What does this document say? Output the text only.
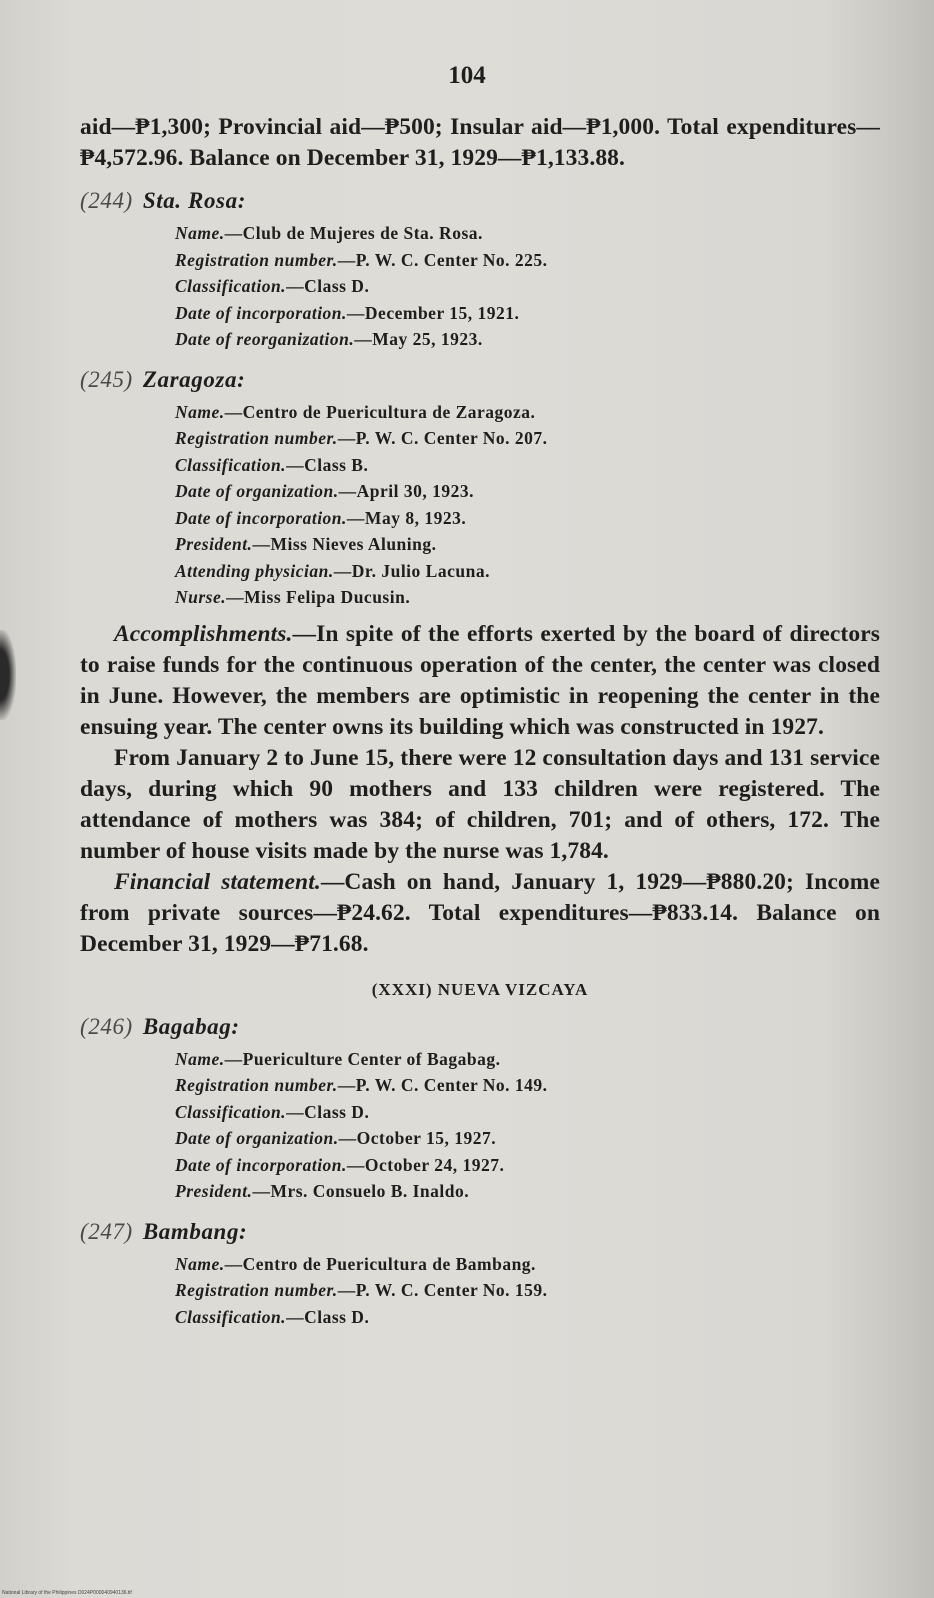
104

aid—₱1,300; Provincial aid—₱500; Insular aid—₱1,000. Total expenditures—₱4,572.96. Balance on December 31, 1929—₱1,133.88.

(244) Sta. Rosa:
Name.—Club de Mujeres de Sta. Rosa.
Registration number.—P. W. C. Center No. 225.
Classification.—Class D.
Date of incorporation.—December 15, 1921.
Date of reorganization.—May 25, 1923.
(245) Zaragoza:
Name.—Centro de Puericultura de Zaragoza.
Registration number.—P. W. C. Center No. 207.
Classification.—Class B.
Date of organization.—April 30, 1923.
Date of incorporation.—May 8, 1923.
President.—Miss Nieves Aluning.
Attending physician.—Dr. Julio Lacuna.
Nurse.—Miss Felipa Ducusin.

Accomplishments.—In spite of the efforts exerted by the board of directors to raise funds for the continuous operation of the center, the center was closed in June. However, the members are optimistic in reopening the center in the ensuing year. The center owns its building which was constructed in 1927.

From January 2 to June 15, there were 12 consultation days and 131 service days, during which 90 mothers and 133 children were registered. The attendance of mothers was 384; of children, 701; and of others, 172. The number of house visits made by the nurse was 1,784.

Financial statement.—Cash on hand, January 1, 1929—₱880.20; Income from private sources—₱24.62. Total expenditures—₱833.14. Balance on December 31, 1929—₱71.68.

(XXXI) NUEVA VIZCAYA
(246) Bagabag:
Name.—Puericulture Center of Bagabag.
Registration number.—P. W. C. Center No. 149.
Classification.—Class D.
Date of organization.—October 15, 1927.
Date of incorporation.—October 24, 1927.
President.—Mrs. Consuelo B. Inaldo.
(247) Bambang:
Name.—Centro de Puericultura de Bambang.
Registration number.—P. W. C. Center No. 159.
Classification.—Class D.
National Library of the Philippines D024P000040940136.tif
